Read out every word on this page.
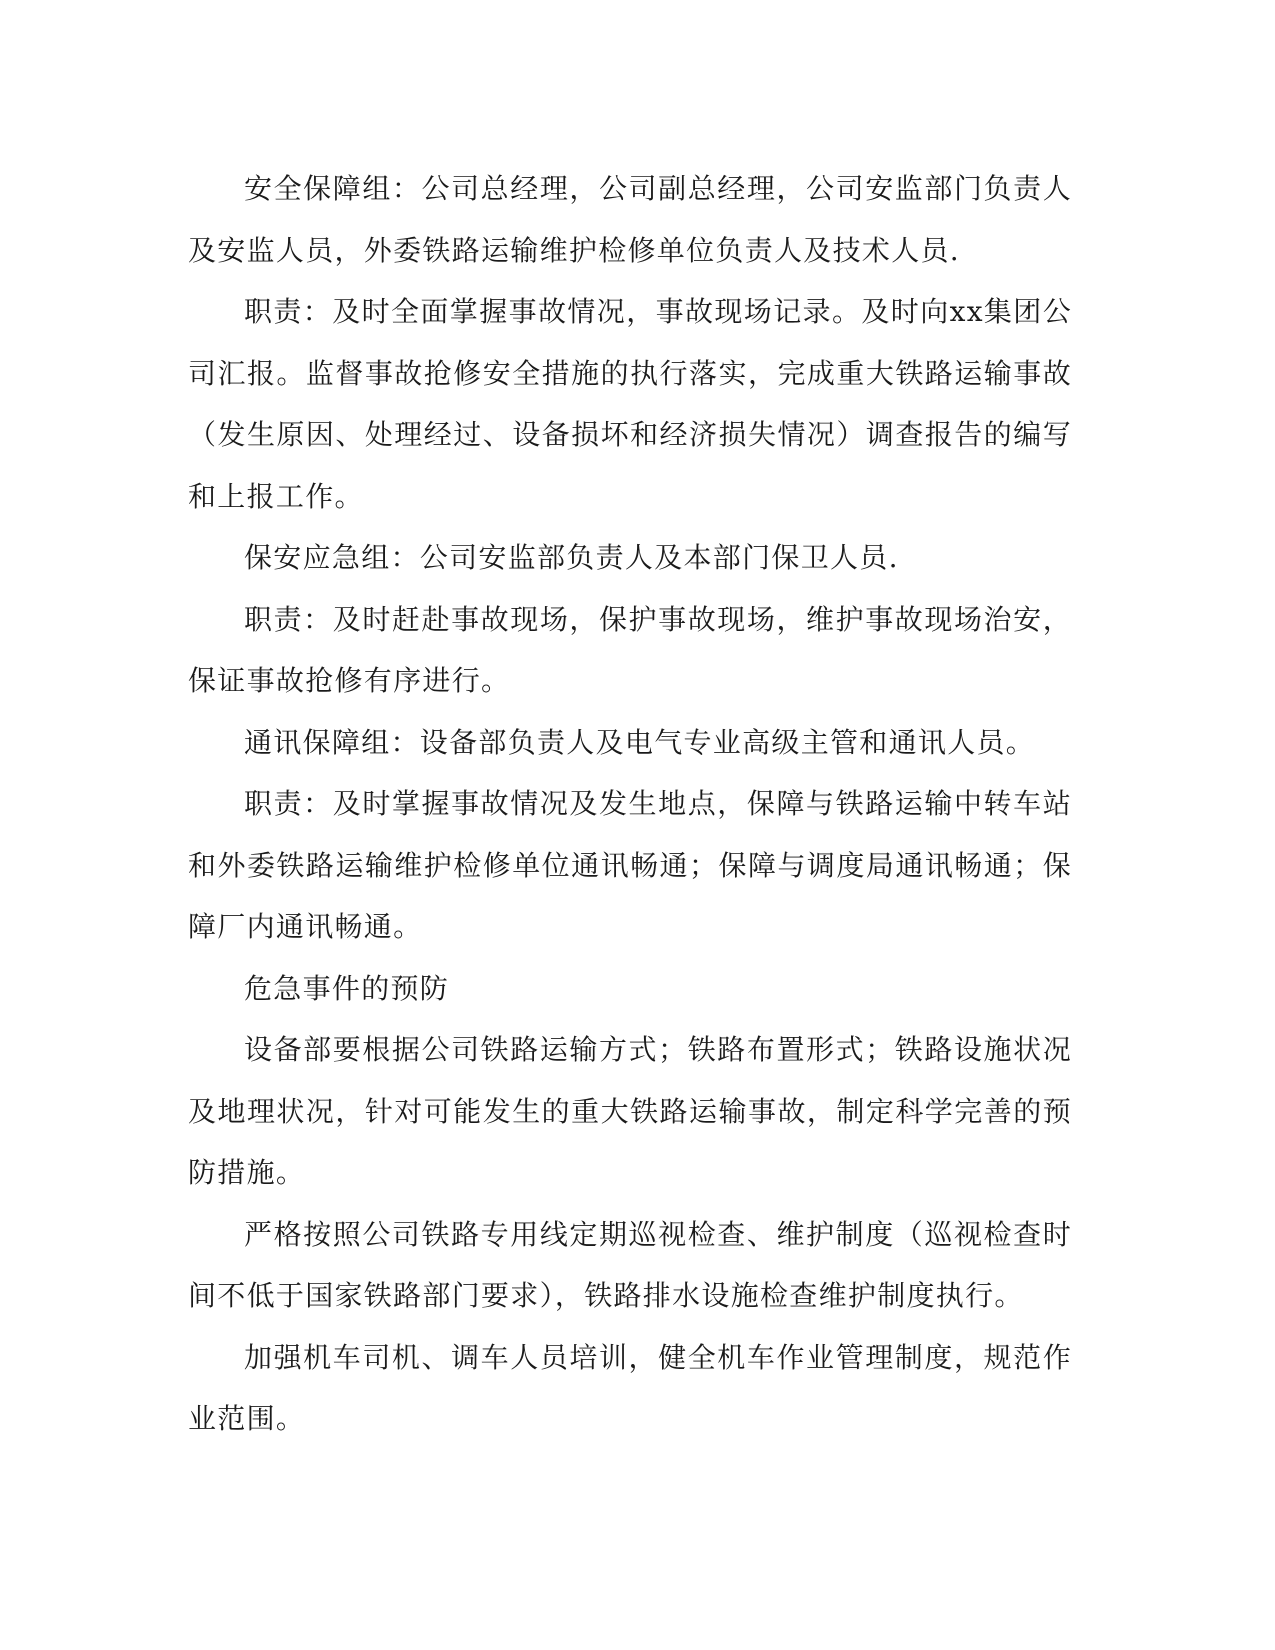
安全保障组：公司总经理，公司副总经理，公司安监部门负责人及安监人员，外委铁路运输维护检修单位负责人及技术人员.

职责：及时全面掌握事故情况，事故现场记录。及时向xx集团公司汇报。监督事故抢修安全措施的执行落实，完成重大铁路运输事故（发生原因、处理经过、设备损坏和经济损失情况）调查报告的编写和上报工作。

保安应急组：公司安监部负责人及本部门保卫人员.

职责：及时赶赴事故现场，保护事故现场，维护事故现场治安，保证事故抢修有序进行。

通讯保障组：设备部负责人及电气专业高级主管和通讯人员。

职责：及时掌握事故情况及发生地点，保障与铁路运输中转车站和外委铁路运输维护检修单位通讯畅通；保障与调度局通讯畅通；保障厂内通讯畅通。

危急事件的预防

设备部要根据公司铁路运输方式；铁路布置形式；铁路设施状况及地理状况，针对可能发生的重大铁路运输事故，制定科学完善的预防措施。

严格按照公司铁路专用线定期巡视检查、维护制度（巡视检查时间不低于国家铁路部门要求），铁路排水设施检查维护制度执行。

加强机车司机、调车人员培训，健全机车作业管理制度，规范作业范围。
